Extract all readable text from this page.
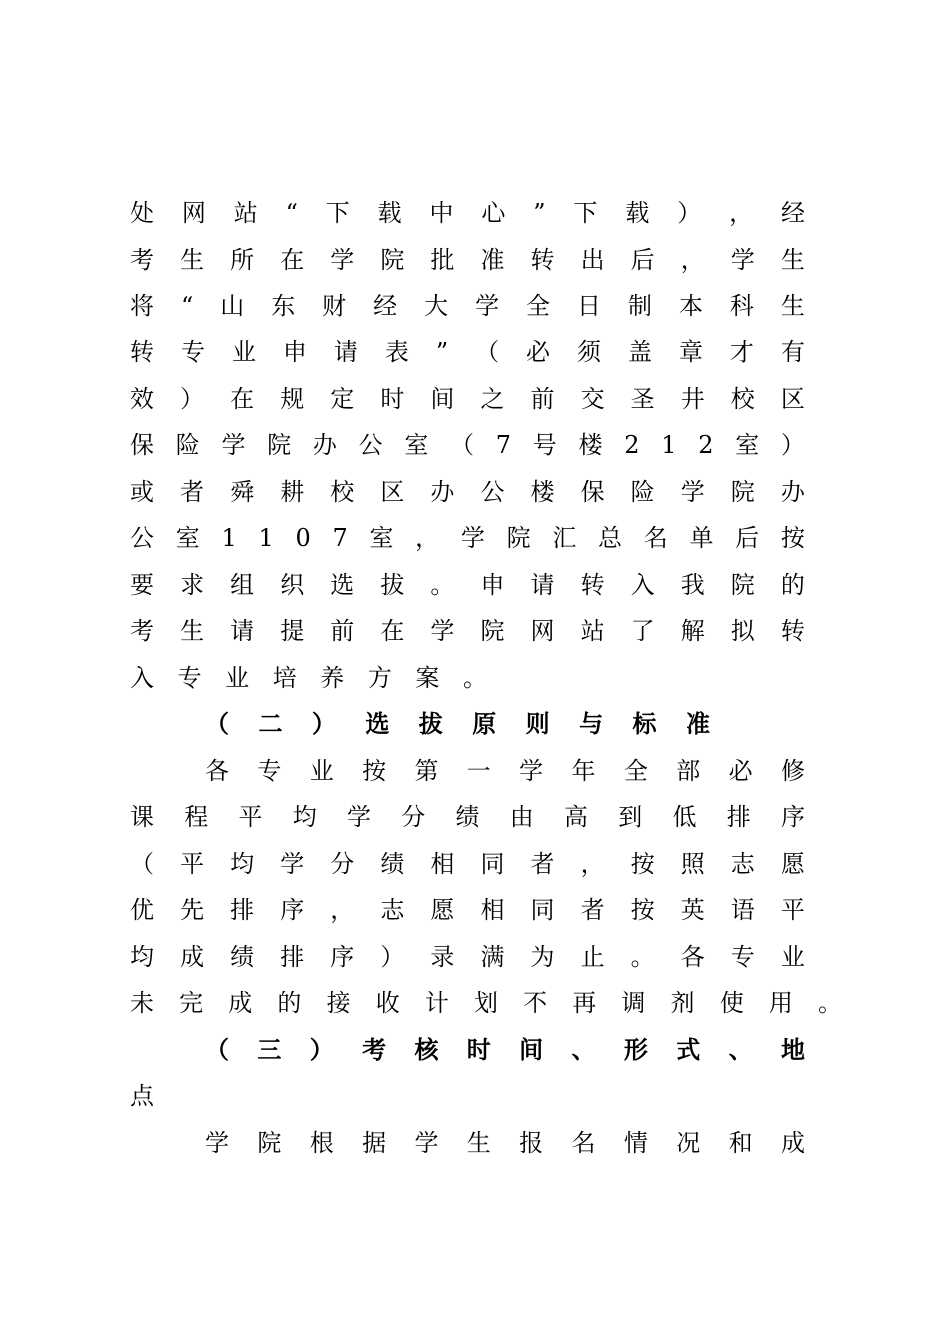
处 网 站 “ 下 载 中 心 ” 下 载 ） ， 经
考 生 所 在 学 院 批 准 转 出 后 ， 学 生
将 “ 山 东 财 经 大 学 全 日 制 本 科 生
转 专 业 申 请 表 ” （ 必 须 盖 章 才 有
效 ） 在 规 定 时 间 之 前 交 圣 井 校 区
保 险 学 院 办 公 室 （ 7 号 楼 2 1 2 室 ）
或 者 舜 耕 校 区 办 公 楼 保 险 学 院 办
公 室 1 1 0 7 室 ， 学 院 汇 总 名 单 后 按
要 求 组 织 选 拔 。 申 请 转 入 我 院 的
考 生 请 提 前 在 学 院 网 站 了 解 拟 转
入 专 业 培 养 方 案 。
（ 二 ） 选 拔 原 则 与 标 准
各 专 业 按 第 一 学 年 全 部 必 修
课 程 平 均 学 分 绩 由 高 到 低 排 序
（ 平 均 学 分 绩 相 同 者 ， 按 照 志 愿
优 先 排 序 ， 志 愿 相 同 者 按 英 语 平
均 成 绩 排 序 ） 录 满 为 止 。 各 专 业
未 完 成 的 接 收 计 划 不 再 调 剂 使 用 。
（ 三 ） 考 核 时 间 、 形 式 、 地
点
学 院 根 据 学 生 报 名 情 况 和 成
